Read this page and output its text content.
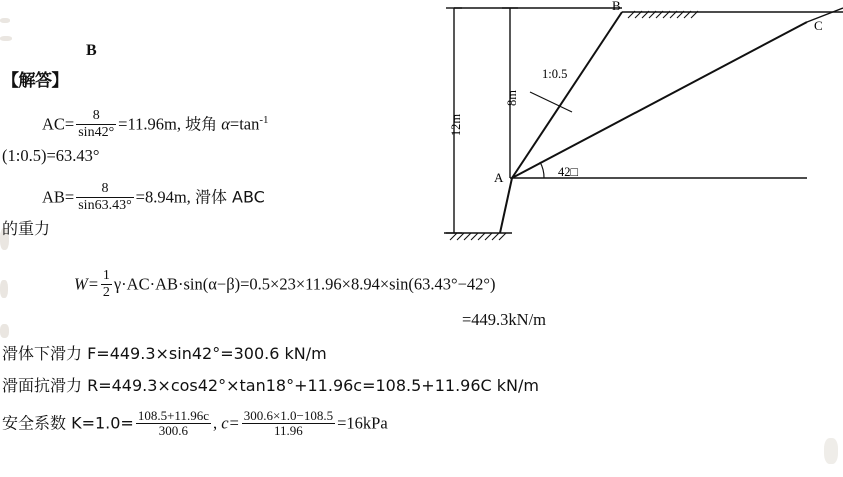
B
【解答】
$AC= \frac{8}{\sin 42^\circ} =11.96m$, 坡角 $\alpha=\tan^{-1}$
(1:0.5)=63.43°
$AB= \frac{8}{\sin 63.43^\circ} =8.94m$, 滑体 ABC
的重力
$W= \frac{1}{2} \gamma\cdot AC\cdot AB\cdot\sin(\alpha-\beta)=0.5\times 23\times 11.96\times 8.94\times\sin(63.43^\circ-42^\circ)$
=449.3kN/m
滑体下滑力 F=449.3×sin42°=300.6 kN/m
滑面抗滑力 R=449.3×cos42°×tan18°+11.96c=108.5+11.96C kN/m
安全系数 $K=1.0= \frac{108.5+11.96c}{300.6}$ , $c= \frac{300.6\times 1.0-108.5}{11.96} =16kPa$
B
C
A
12m
8m
1:0.5
42□
